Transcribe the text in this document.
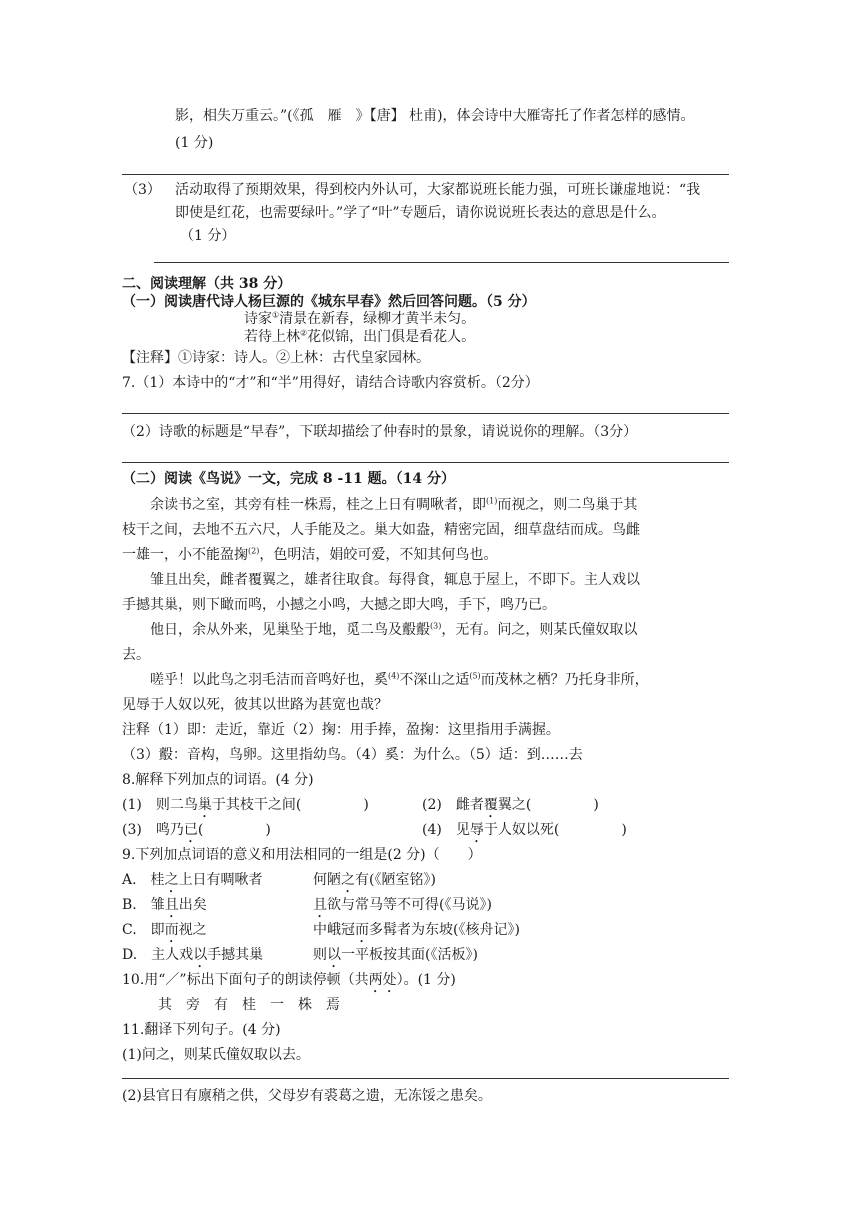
影，相失万重云。”(《孤　雁　》【唐】 杜甫)，体会诗中大雁寄托了作者怎样的感情。
(1 分)
（3） 活动取得了预期效果，得到校内外认可，大家都说班长能力强，可班长谦虚地说：“我
即使是红花，也需要绿叶。”学了“叶”专题后，请你说说班长表达的意思是什么。
（1 分）
二、阅读理解（共 38 分）
（一）阅读唐代诗人杨巨源的《城东早春》然后回答问题。（5 分）
诗家①清景在新春，绿柳才黄半未匀。
若待上林②花似锦，出门俱是看花人。
【注释】①诗家：诗人。②上林：古代皇家园林。
7.（1）本诗中的“才”和“半”用得好，请结合诗歌内容赏析。（2分）
（2）诗歌的标题是“早春”，下联却描绘了仲春时的景象，请说说你的理解。（3分）
（二）阅读《鸟说》一文，完成 8 -11 题。（14 分）
余读书之室，其旁有桂一株焉，桂之上日有啁啾者，即$^{(1)}$而视之，则二鸟巢于其
枝干之间，去地不五六尺，人手能及之。巢大如盎，精密完固，细草盘结而成。鸟雌
一雄一，小不能盈掬$^{(2)}$，色明洁，娟皎可爱，不知其何鸟也。
雏且出矣，雌者覆翼之，雄者往取食。每得食，辄息于屋上，不即下。主人戏以
手撼其巢，则下瞰而鸣，小撼之小鸣，大撼之即大鸣，手下，鸣乃已。
他日，余从外来，见巢坠于地，觅二鸟及鷇鷇$^{(3)}$，无有。问之，则某氏僮奴取以
去。
嗟乎！以此鸟之羽毛洁而音鸣好也，奚$^{(4)}$不深山之适$^{(5)}$而茂林之栖？乃托身非所，
见辱于人奴以死，彼其以世路为甚宽也哉？
注释（1）即：走近，靠近（2）掬：用手捧，盈掬：这里指用手满握。
（3）鷇：音构，鸟卵。这里指幼鸟。（4）奚：为什么。（5）适：到……去
8.解释下列加点的词语。(4 分)
(1)　则二鸟巢于其枝干之间(	)	(2)　雌者覆翼之(	)
(3)　鸣乃已(	)	(4)　见辱于人奴以死(	)
9.下列加点词语的意义和用法相同的一组是(2 分)（　　）
A.　桂之上日有啁啾者	何陋之有(《陋室铭》)
B.　雏且出矣	且欲与常马等不可得(《马说》)
C.　即而视之	中峨冠而多髯者为东坡(《核舟记》)
D.　主人戏以手撼其巢	则以一平板按其面(《活板》)
10.用“／”标出下面句子的朗读停顿（共两处）。(1 分)
其　旁　有　桂　一　株　焉
11.翻译下列句子。(4 分)
(1)问之，则某氏僮奴取以去。
(2)县官日有廪稍之供，父母岁有裘葛之遗，无冻馁之患矣。
